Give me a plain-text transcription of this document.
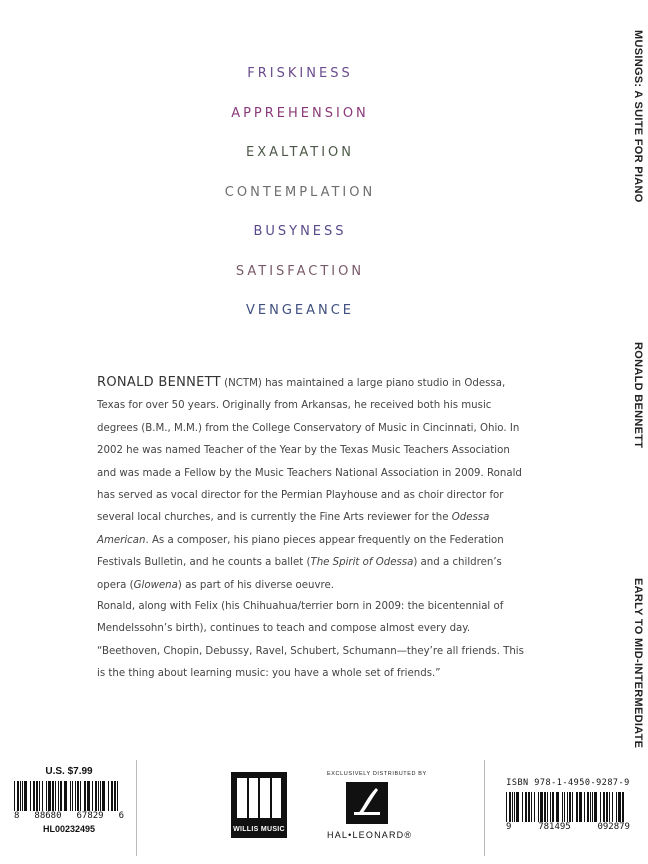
FRISKINESS
APPREHENSION
EXALTATION
CONTEMPLATION
BUSYNESS
SATISFACTION
VENGEANCE
MUSINGS: A SUITE FOR PIANO
RONALD BENNETT
EARLY TO MID-INTERMEDIATE
RONALD BENNETT (NCTM) has maintained a large piano studio in Odessa, Texas for over 50 years. Originally from Arkansas, he received both his music degrees (B.M., M.M.) from the College Conservatory of Music in Cincinnati, Ohio. In 2002 he was named Teacher of the Year by the Texas Music Teachers Association and was made a Fellow by the Music Teachers National Association in 2009. Ronald has served as vocal director for the Permian Playhouse and as choir director for several local churches, and is currently the Fine Arts reviewer for the Odessa American. As a composer, his piano pieces appear frequently on the Federation Festivals Bulletin, and he counts a ballet (The Spirit of Odessa) and a children’s opera (Glowena) as part of his diverse oeuvre.
Ronald, along with Felix (his Chihuahua/terrier born in 2009: the bicentennial of Mendelssohn’s birth), continues to teach and compose almost every day. “Beethoven, Chopin, Debussy, Ravel, Schubert, Schumann—they’re all friends. This is the thing about learning music: you have a whole set of friends.”
U.S. $7.99
8 88680 67829 6
HL00232495	WILLIS MUSIC
EXCLUSIVELY DISTRIBUTED BY
HAL•LEONARD®
ISBN 978-1-4950-9287-9
9	781495	092879
